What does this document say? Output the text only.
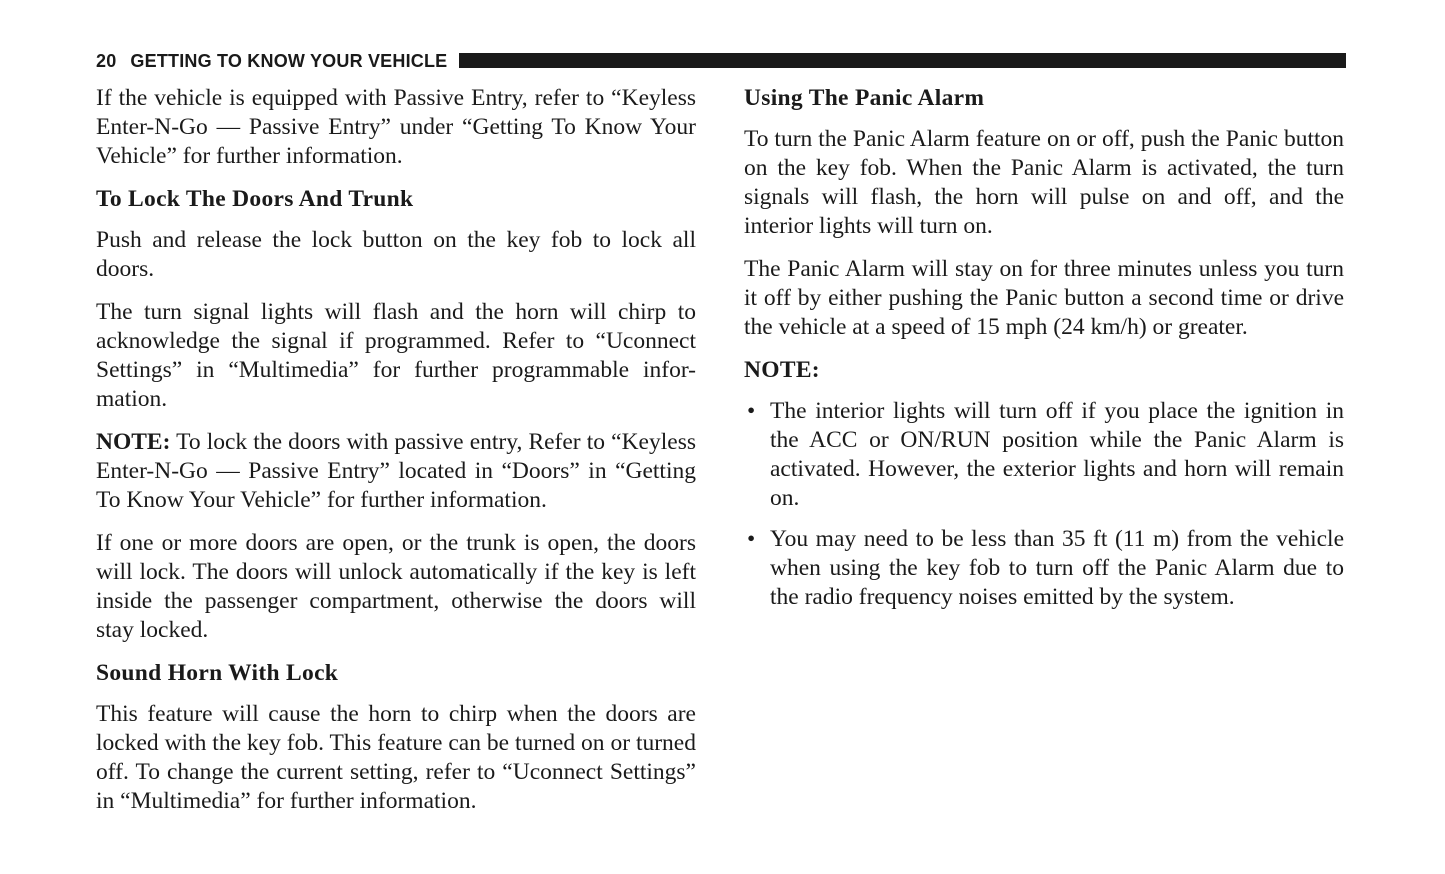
20 GETTING TO KNOW YOUR VEHICLE

If the vehicle is equipped with Passive Entry, refer to “Keyless Enter-N-Go — Passive Entry” under “Getting To Know Your Vehicle” for further information.

To Lock The Doors And Trunk

Push and release the lock button on the key fob to lock all doors.

The turn signal lights will flash and the horn will chirp to acknowledge the signal if programmed. Refer to “Uconnect Settings” in “Multimedia” for further programmable infor-mation.

NOTE: To lock the doors with passive entry, Refer to “Keyless Enter-N-Go — Passive Entry” located in “Doors” in “Getting To Know Your Vehicle” for further information.

If one or more doors are open, or the trunk is open, the doors will lock. The doors will unlock automatically if the key is left inside the passenger compartment, otherwise the doors will stay locked.

Sound Horn With Lock

This feature will cause the horn to chirp when the doors are locked with the key fob. This feature can be turned on or turned off. To change the current setting, refer to “Uconnect Settings” in “Multimedia” for further information.

Using The Panic Alarm

To turn the Panic Alarm feature on or off, push the Panic button on the key fob. When the Panic Alarm is activated, the turn signals will flash, the horn will pulse on and off, and the interior lights will turn on.

The Panic Alarm will stay on for three minutes unless you turn it off by either pushing the Panic button a second time or drive the vehicle at a speed of 15 mph (24 km/h) or greater.

NOTE:
• The interior lights will turn off if you place the ignition in the ACC or ON/RUN position while the Panic Alarm is activated. However, the exterior lights and horn will remain on.
• You may need to be less than 35 ft (11 m) from the vehicle when using the key fob to turn off the Panic Alarm due to the radio frequency noises emitted by the system.
